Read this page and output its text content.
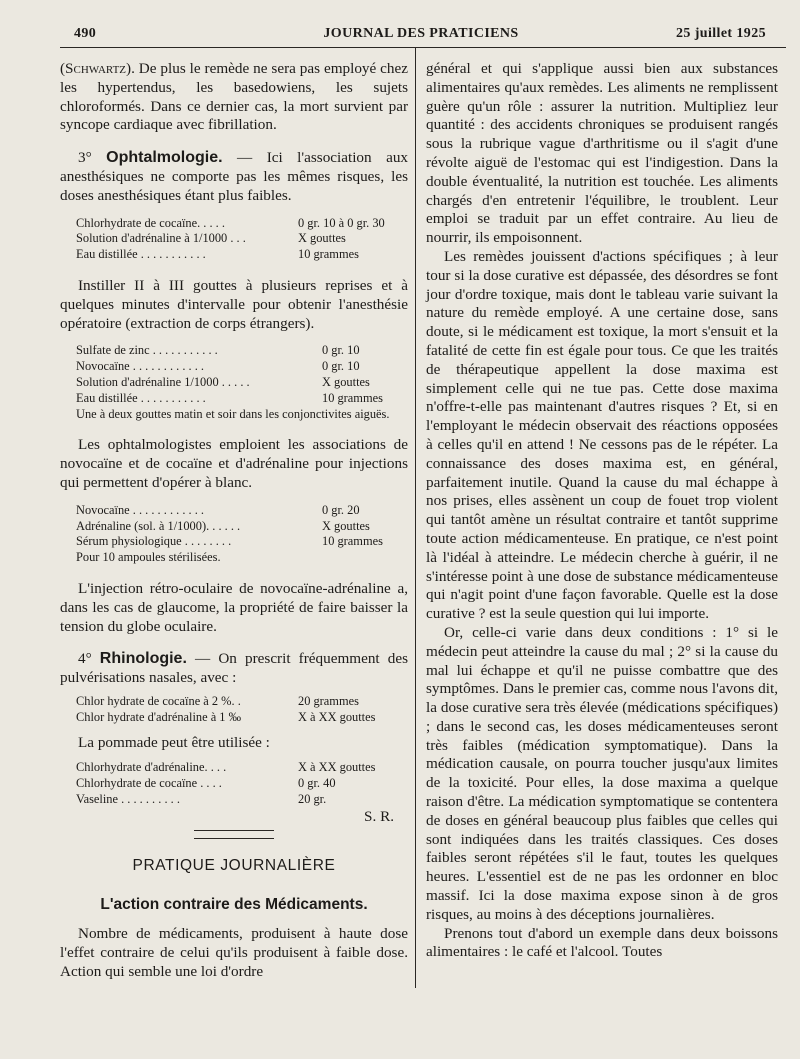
490	JOURNAL DES PRATICIENS	25 juillet 1925

(Schwartz). De plus le remède ne sera pas employé chez les hypertendus, les basedowiens, les sujets chloroformés. Dans ce dernier cas, la mort survient par syncope cardiaque avec fibrillation.

3° Ophtalmologie. — Ici l'association aux anesthésiques ne comporte pas les mêmes risques, les doses anesthésiques étant plus faibles.

Chlorhydrate de cocaïne. . . . .	0 gr. 10 à 0 gr. 30
Solution d'adrénaline à 1/1000 . . .	X gouttes
Eau distillée . . . . . . . . . . .	10 grammes

Instiller II à III gouttes à plusieurs reprises et à quelques minutes d'intervalle pour obtenir l'anesthésie opératoire (extraction de corps étrangers).

Sulfate de zinc . . . . . . . . . . .	0 gr. 10
Novocaïne . . . . . . . . . . . .	0 gr. 10
Solution d'adrénaline 1/1000 . . . . .	X gouttes
Eau distillée . . . . . . . . . . .	10 grammes

Une à deux gouttes matin et soir dans les conjonctivites aiguës.

Les ophtalmologistes emploient les associations de novocaïne et de cocaïne et d'adrénaline pour injections qui permettent d'opérer à blanc.

Novocaïne . . . . . . . . . . . .	0 gr. 20
Adrénaline (sol. à 1/1000). . . . . .	X gouttes
Sérum physiologique . . . . . . . .	10 grammes

Pour 10 ampoules stérilisées.

L'injection rétro-oculaire de novocaïne-adrénaline a, dans les cas de glaucome, la propriété de faire baisser la tension du globe oculaire.

4° Rhinologie. — On prescrit fréquemment des pulvérisations nasales, avec :

Chlor hydrate de cocaïne à 2 %. .	20 grammes
Chlor hydrate d'adrénaline à 1 ‰	X à XX gouttes

La pommade peut être utilisée :

Chlorhydrate d'adrénaline. . . .	X à XX gouttes
Chlorhydrate de cocaïne . . . .	0 gr. 40
Vaseline . . . . . . . . . .	20 gr.

S. R.

PRATIQUE JOURNALIÈRE
L'action contraire des Médicaments.

Nombre de médicaments, produisent à haute dose l'effet contraire de celui qu'ils produisent à faible dose. Action qui semble une loi d'ordre

général et qui s'applique aussi bien aux substances alimentaires qu'aux remèdes. Les aliments ne remplissent guère qu'un rôle : assurer la nutrition. Multipliez leur quantité : des accidents chroniques se produisent rangés sous la rubrique vague d'arthritisme ou il s'agit d'une révolte aiguë de l'estomac qui est l'indigestion. Dans la double éventualité, la nutrition est touchée. Les aliments chargés d'en entretenir l'équilibre, le troublent. Leur emploi se traduit par un effet contraire. Au lieu de nourrir, ils empoisonnent.

Les remèdes jouissent d'actions spécifiques ; à leur tour si la dose curative est dépassée, des désordres se font jour d'ordre toxique, mais dont le tableau varie suivant la nature du remède employé. A une certaine dose, sans doute, si le médicament est toxique, la mort s'ensuit et la fatalité de cette fin est égale pour tous. Ce que les traités de thérapeutique appellent la dose maxima est simplement celle qui ne tue pas. Cette dose maxima n'offre-t-elle pas maintenant d'autres risques ? Et, si en l'employant le médecin observait des réactions opposées à celles qu'il en attend ! Ne cessons pas de le répéter. La connaissance des doses maxima est, en général, parfaitement inutile. Quand la cause du mal échappe à nos prises, elles assènent un coup de fouet trop violent qui tantôt amène un résultat contraire et tantôt supprime toute action médicamenteuse. En pratique, ce n'est point là l'idéal à atteindre. Le médecin cherche à guérir, il ne s'intéresse point à une dose de substance médicamenteuse qui n'agit point d'une façon favorable. Quelle est la dose curative ? est la seule question qui lui importe.

Or, celle-ci varie dans deux conditions : 1° si le médecin peut atteindre la cause du mal ; 2° si la cause du mal lui échappe et qu'il ne puisse combattre que des symptômes. Dans le premier cas, comme nous l'avons dit, la dose curative sera très élevée (médications spécifiques) ; dans le second cas, les doses médicamenteuses seront très faibles (médication symptomatique). Dans la médication causale, on pourra toucher jusqu'aux limites de la toxicité. Pour elles, la dose maxima a quelque raison d'être. La médication symptomatique se contentera de doses en général beaucoup plus faibles que celles qui sont indiquées dans les traités classiques. Ces doses faibles seront répétées s'il le faut, toutes les quelques heures. L'essentiel est de ne pas les ordonner en bloc massif. Ici la dose maxima expose sinon à de gros risques, au moins à des déceptions journalières.

Prenons tout d'abord un exemple dans deux boissons alimentaires : le café et l'alcool. Toutes
